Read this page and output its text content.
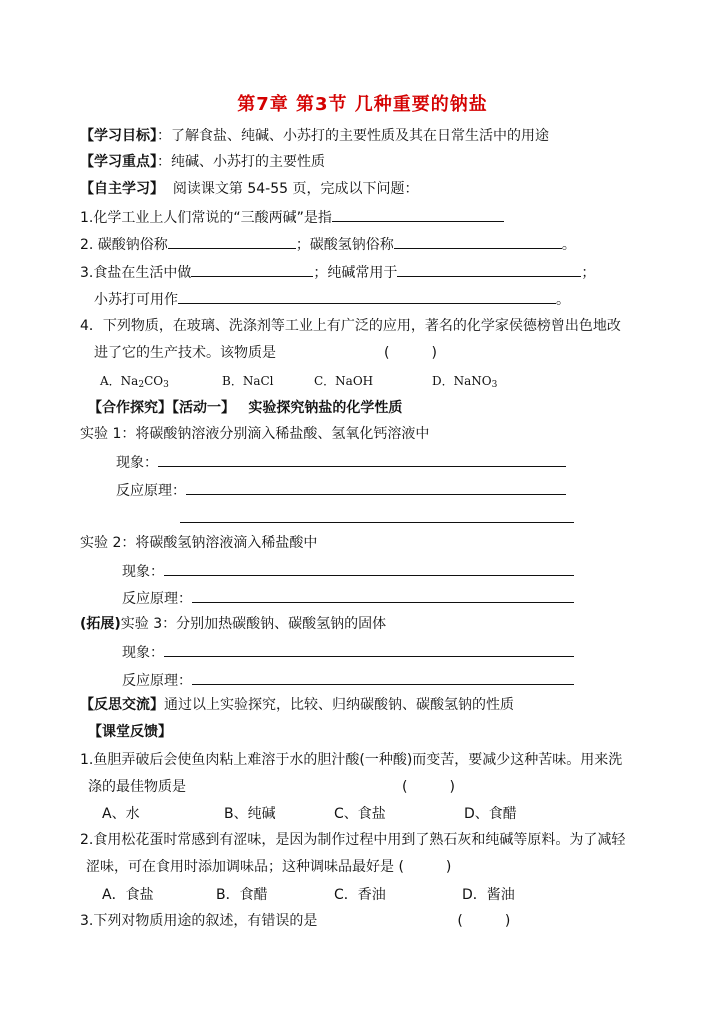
第7章 第3节 几种重要的钠盐
【学习目标】：了解食盐、纯碱、小苏打的主要性质及其在日常生活中的用途
【学习重点】：纯碱、小苏打的主要性质
【自主学习】 阅读课文第 54-55 页，完成以下问题：
1.化学工业上人们常说的“三酸两碱”是指
2. 碳酸钠俗称	；碳酸氢钠俗称	。
3.食盐在生活中做	；纯碱常用于	；
小苏打可用作	。
4．下列物质，在玻璃、洗涤剂等工业上有广泛的应用，著名的化学家侯德榜曾出色地改
进了它的生产技术。该物质是	(　　　)
A．$Na_2CO_3$	B．NaCl	C．NaOH	D．NaNO$_3$
【合作探究】【活动一】 实验探究钠盐的化学性质
实验 1：将碳酸钠溶液分别滴入稀盐酸、氢氧化钙溶液中
现象：
反应原理：
实验 2：将碳酸氢钠溶液滴入稀盐酸中
现象：
反应原理：
(拓展)实验 3：分别加热碳酸钠、碳酸氢钠的固体
现象：
反应原理：
【反思交流】通过以上实验探究，比较、归纳碳酸钠、碳酸氢钠的性质
【课堂反馈】
1.鱼胆弄破后会使鱼肉粘上难溶于水的胆汁酸(一种酸)而变苦，要减少这种苦味。用来洗
涤的最佳物质是	(　　　)
A、水	B、纯碱	C、食盐	D、食醋
2.食用松花蛋时常感到有涩味，是因为制作过程中用到了熟石灰和纯碱等原料。为了减轻
涩味，可在食用时添加调味品；这种调味品最好是 (　　　)
A．食盐	B．食醋	C．香油	D．酱油
3.下列对物质用途的叙述，有错误的是	(　　　)
